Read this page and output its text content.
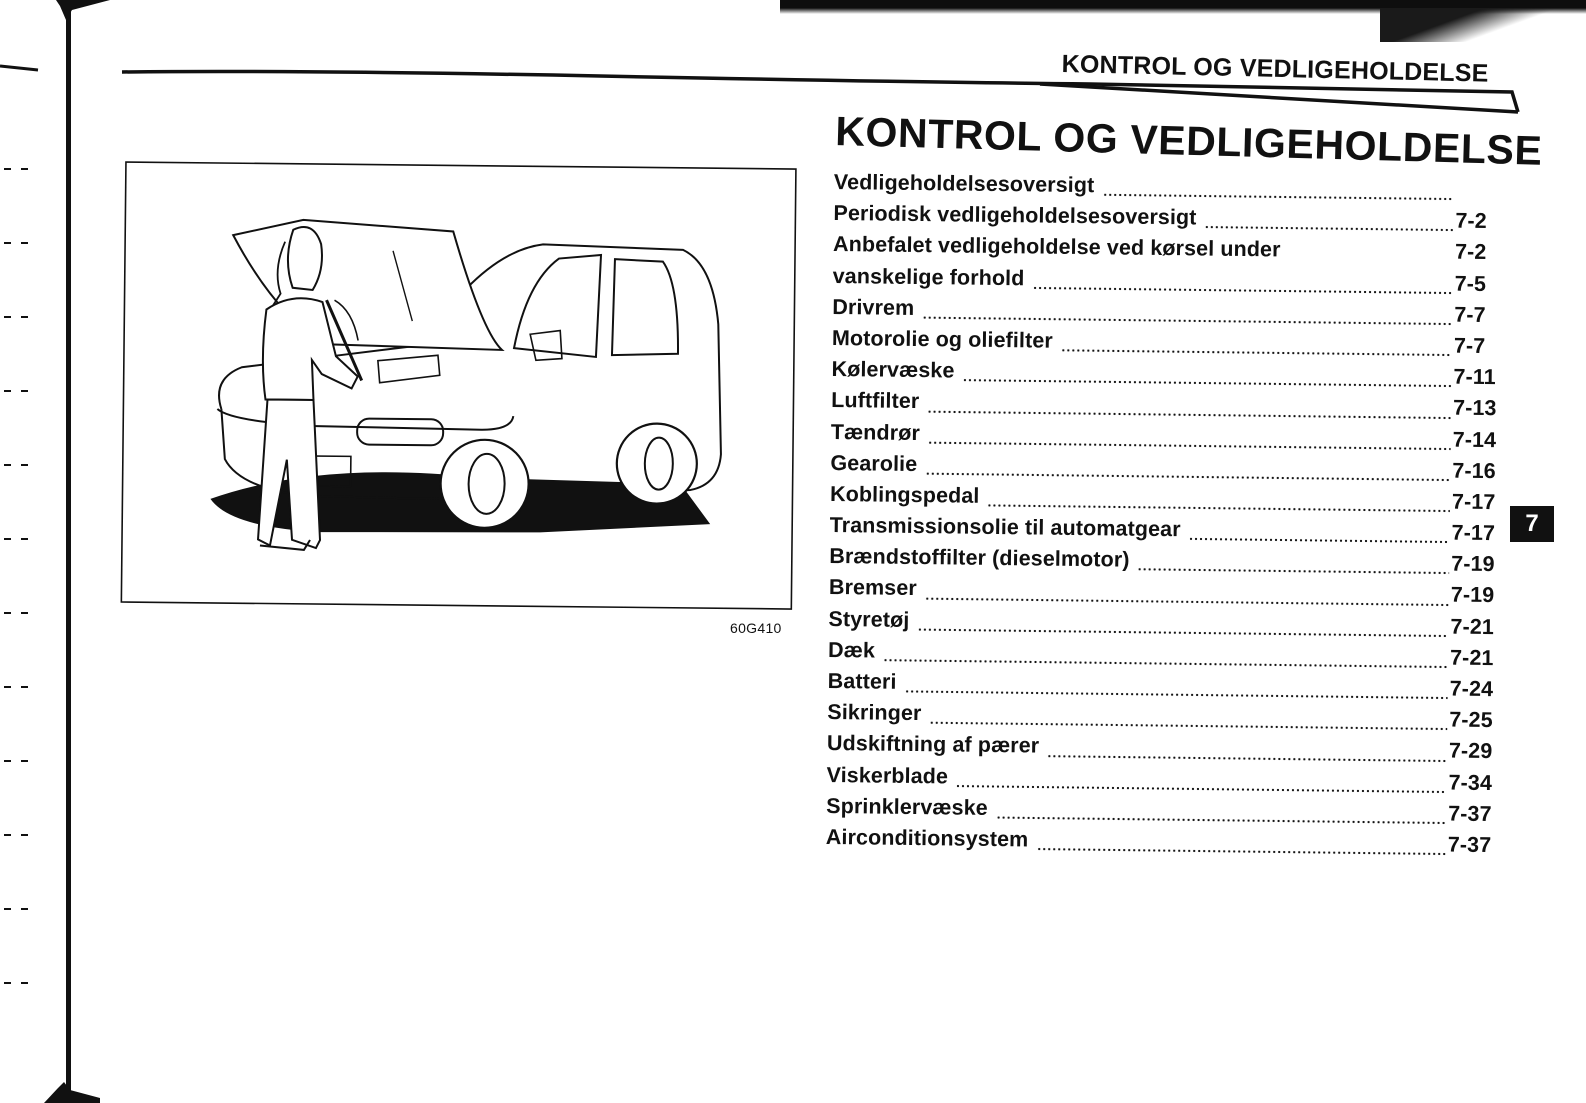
KONTROL OG VEDLIGEHOLDELSE
KONTROL OG VEDLIGEHOLDELSE
60G410
Vedligeholdelsesoversigt
Periodisk vedligeholdelsesoversigt	7-2
Anbefalet vedligeholdelse ved kørsel under	7-2
vanskelige forhold	7-5
Drivrem	7-7
Motorolie og oliefilter	7-7
Kølervæske	7-11
Luftfilter	7-13
Tændrør	7-14
Gearolie	7-16
Koblingspedal	7-17
Transmissionsolie til automatgear	7-17
Brændstoffilter (dieselmotor)	7-19
Bremser	7-19
Styretøj	7-21
Dæk	7-21
Batteri	7-24
Sikringer	7-25
Udskiftning af pærer	7-29
Viskerblade	7-34
Sprinklervæske	7-37
Airconditionsystem	7-37
7
